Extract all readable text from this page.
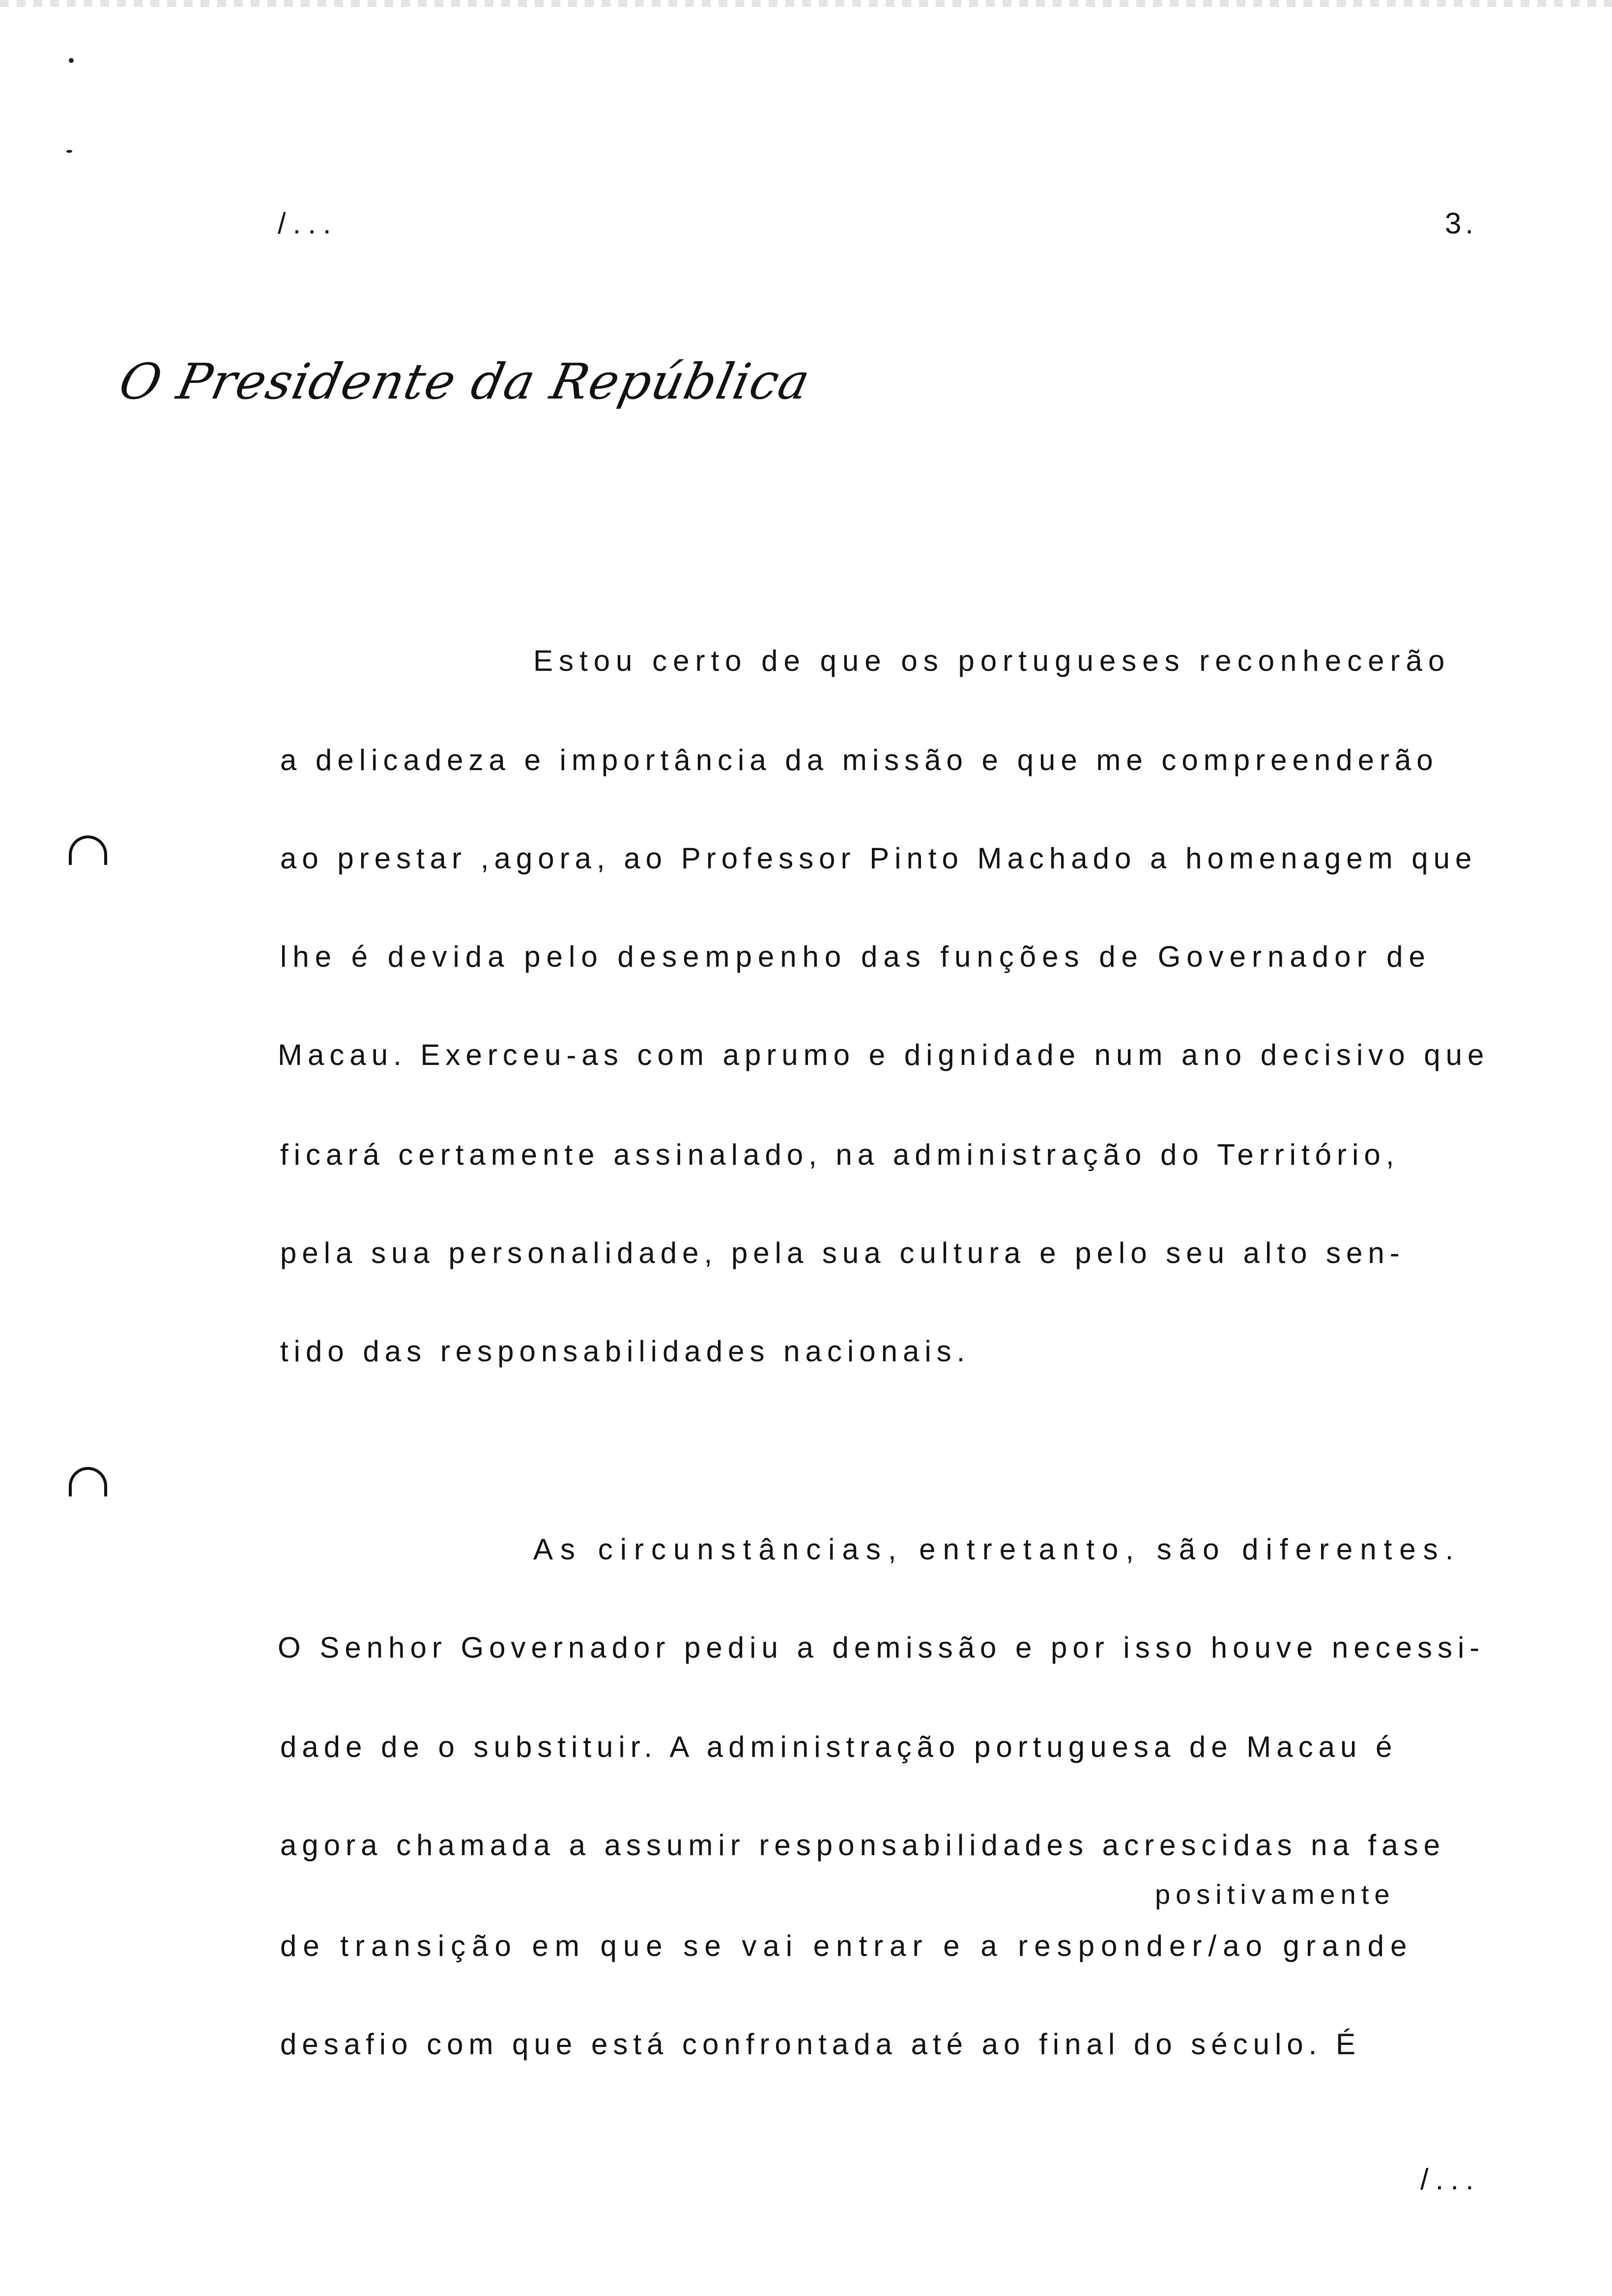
/...	3.
O Presidente da República
Estou certo de que os portugueses reconhecerão
a delicadeza e importância da missão e que me compreenderão
ao prestar ,agora, ao Professor Pinto Machado a homenagem que
lhe é devida pelo desempenho das funções de Governador de
Macau. Exerceu-as com aprumo e dignidade num ano decisivo que
ficará certamente assinalado, na administração do Território,
pela sua personalidade, pela sua cultura e pelo seu alto sen-
tido das responsabilidades nacionais.
As circunstâncias, entretanto, são diferentes.
O Senhor Governador pediu a demissão e por isso houve necessi-
dade de o substituir. A administração portuguesa de Macau é
agora chamada a assumir responsabilidades acrescidas na fase
positivamente
de transição em que se vai entrar e a responder/ao grande
desafio com que está confrontada até ao final do século. É
/...
